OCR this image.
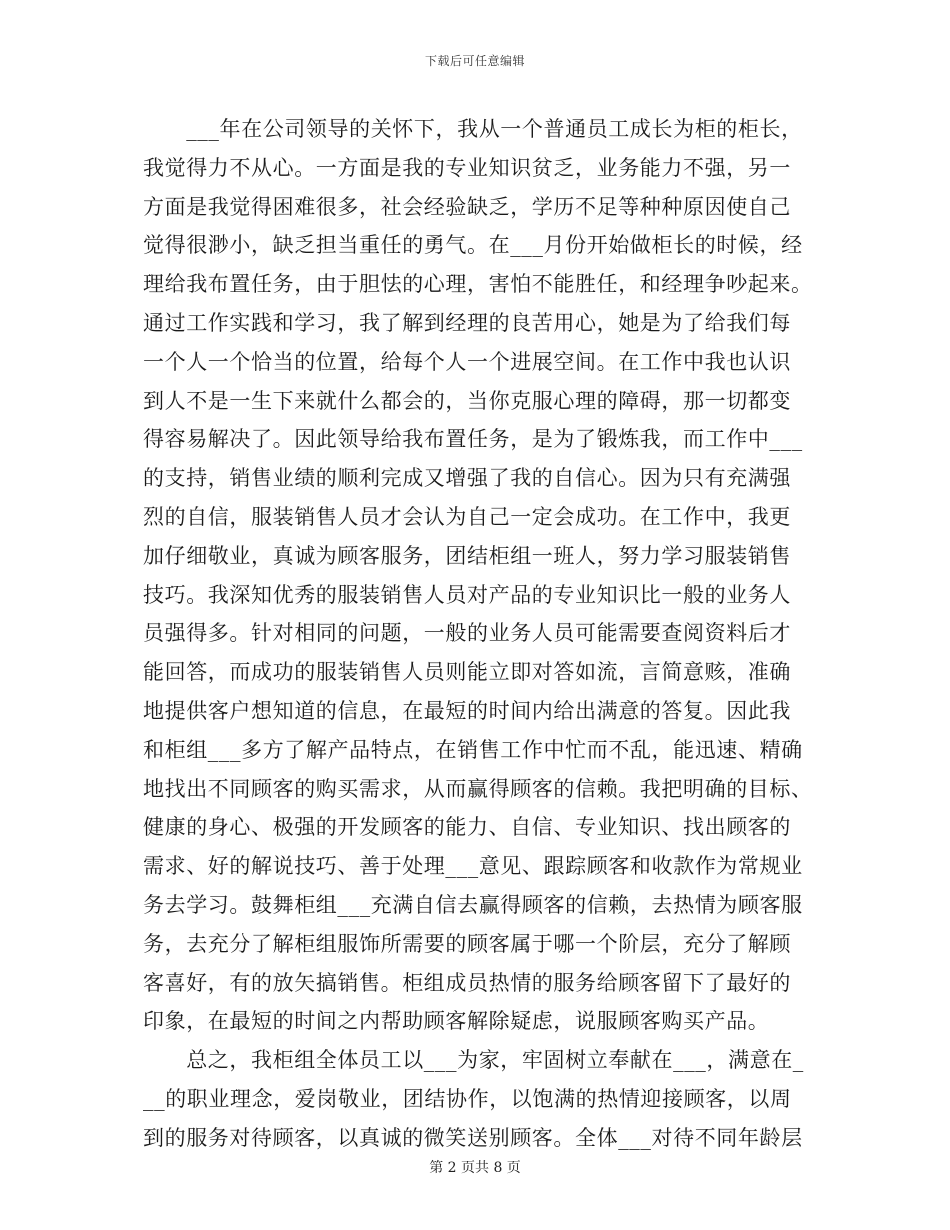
下载后可任意编辑
　　___年在公司领导的关怀下，我从一个普通员工成长为柜的柜长，
我觉得力不从心。一方面是我的专业知识贫乏，业务能力不强，另一
方面是我觉得困难很多，社会经验缺乏，学历不足等种种原因使自己
觉得很渺小，缺乏担当重任的勇气。在___月份开始做柜长的时候，经
理给我布置任务，由于胆怯的心理，害怕不能胜任，和经理争吵起来。
通过工作实践和学习，我了解到经理的良苦用心，她是为了给我们每
一个人一个恰当的位置，给每个人一个进展空间。在工作中我也认识
到人不是一生下来就什么都会的，当你克服心理的障碍，那一切都变
得容易解决了。因此领导给我布置任务，是为了锻炼我，而工作中___
的支持，销售业绩的顺利完成又增强了我的自信心。因为只有充满强
烈的自信，服装销售人员才会认为自己一定会成功。在工作中，我更
加仔细敬业，真诚为顾客服务，团结柜组一班人，努力学习服装销售
技巧。我深知优秀的服装销售人员对产品的专业知识比一般的业务人
员强得多。针对相同的问题，一般的业务人员可能需要查阅资料后才
能回答，而成功的服装销售人员则能立即对答如流，言简意赅，准确
地提供客户想知道的信息，在最短的时间内给出满意的答复。因此我
和柜组___多方了解产品特点，在销售工作中忙而不乱，能迅速、精确
地找出不同顾客的购买需求，从而赢得顾客的信赖。我把明确的目标、
健康的身心、极强的开发顾客的能力、自信、专业知识、找出顾客的
需求、好的解说技巧、善于处理___意见、跟踪顾客和收款作为常规业
务去学习。鼓舞柜组___充满自信去赢得顾客的信赖，去热情为顾客服
务，去充分了解柜组服饰所需要的顾客属于哪一个阶层，充分了解顾
客喜好，有的放矢搞销售。柜组成员热情的服务给顾客留下了最好的
印象，在最短的时间之内帮助顾客解除疑虑，说服顾客购买产品。
　　总之，我柜组全体员工以___为家，牢固树立奉献在___，满意在_
__的职业理念，爱岗敬业，团结协作，以饱满的热情迎接顾客，以周
到的服务对待顾客，以真诚的微笑送别顾客。全体___对待不同年龄层
第 2 页共 8 页
